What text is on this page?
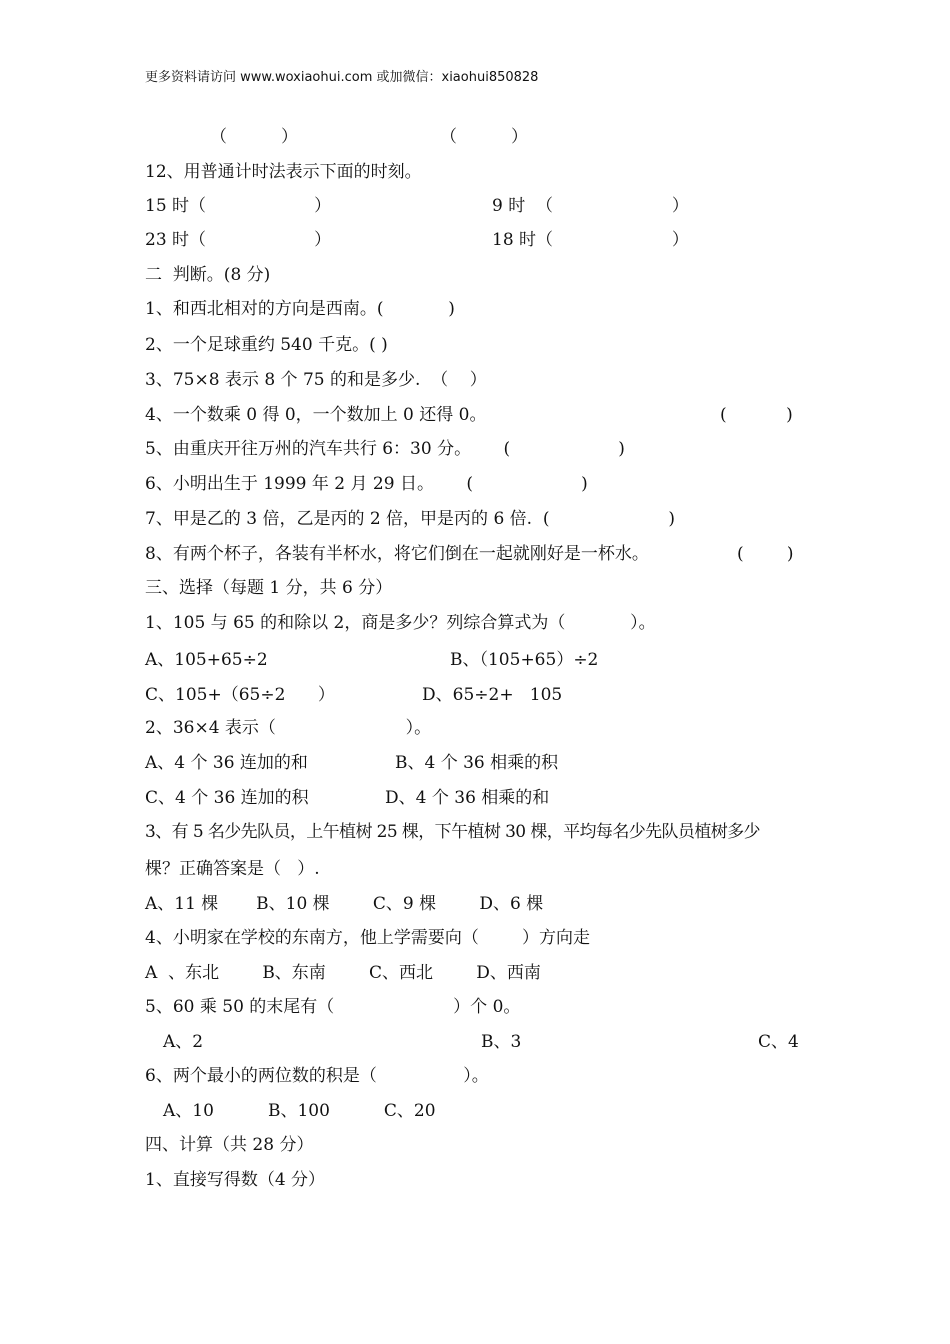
更多资料请访问 www.woxiaohui.com 或加微信：xiaohui850828
（          ）	（          ）
12、用普通计时法表示下面的时刻。
15 时（                    ）	9 时  （                      ）
23 时（                    ）	18 时（                      ）
二  判断。(8 分)
1、和西北相对的方向是西南。(            )
2、一个足球重约 540 千克。( )
3、75×8 表示 8 个 75 的和是多少.  （    ）
4、一个数乘 0 得 0，一个数加上 0 还得 0。	(           )
5、由重庆开往万州的汽车共行 6：30 分。      (                    )
6、小明出生于 1999 年 2 月 29 日。      (                    )
7、甲是乙的 3 倍，乙是丙的 2 倍，甲是丙的 6 倍.  (                      )
8、有两个杯子，各装有半杯水，将它们倒在一起就刚好是一杯水。	(        )
三、选择（每题 1 分，共 6 分）
1、105 与 65 的和除以 2，商是多少？列综合算式为（            ）。
A、105+65÷2	B、（105+65）÷2
C、105+（65÷2      ）	D、65÷2+   105
2、36×4 表示（                        ）。
A、4 个 36 连加的和	B、4 个 36 相乘的积
C、4 个 36 连加的积	D、4 个 36 相乘的和
3、有 5 名少先队员，上午植树 25 棵，下午植树 30 棵，平均每名少先队员植树多少
棵？正确答案是（   ）.
A、11 棵       B、10 棵        C、9 棵        D、6 棵
4、小明家在学校的东南方，他上学需要向（        ）方向走
A  、东北        B、东南        C、西北        D、西南
5、60 乘 50 的末尾有（                      ）个 0。
A、2	B、3	C、4
6、两个最小的两位数的积是（                ）。
A、10          B、100          C、20
四、计算（共 28 分）
1、直接写得数（4 分）
